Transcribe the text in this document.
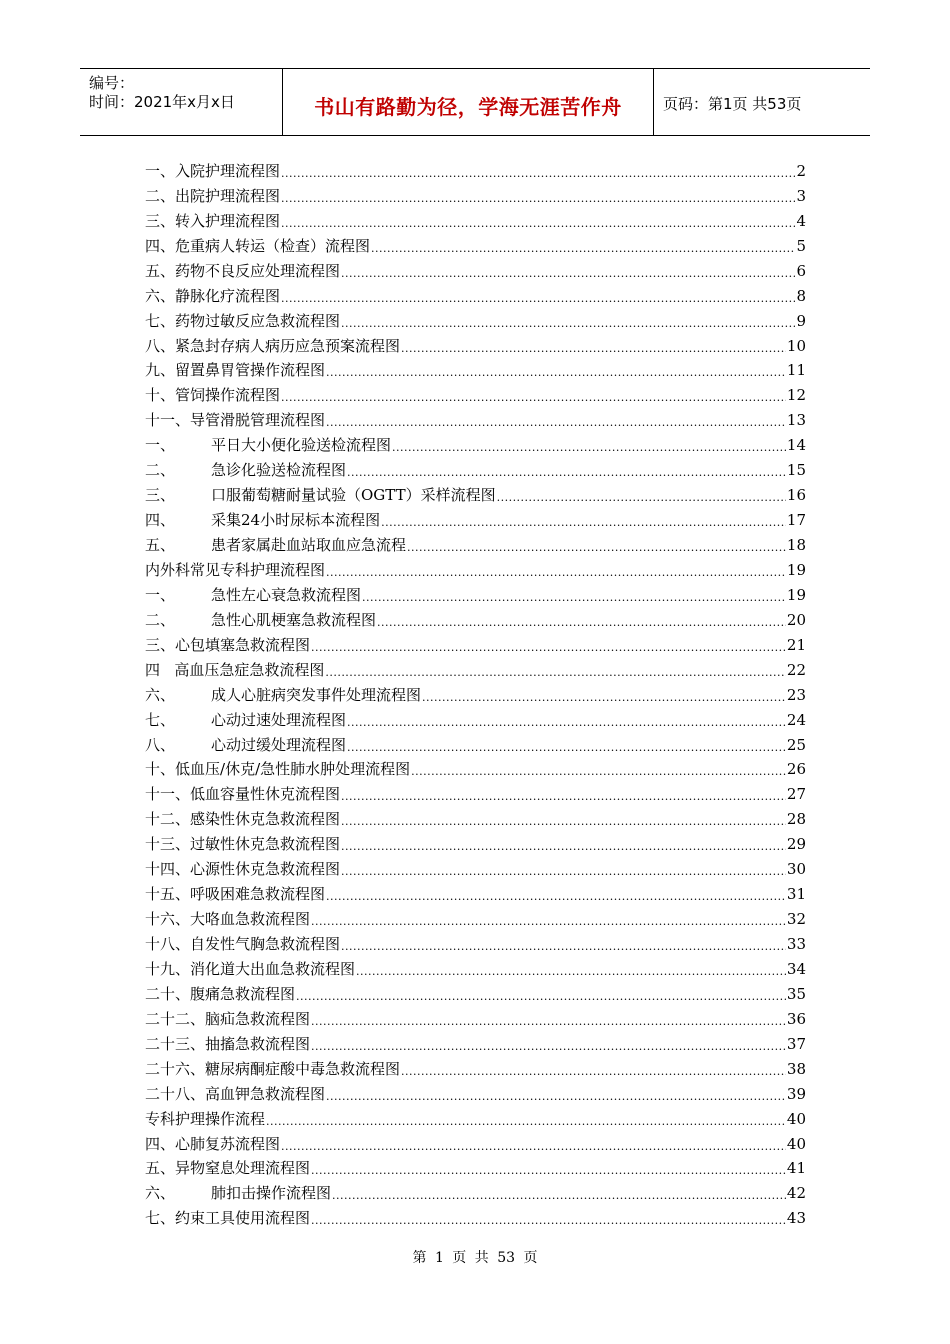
编号：
时间：2021年x月x日	书山有路勤为径，学海无涯苦作舟	页码：第1页 共53页
一、 入院护理流程图 .....	2
二、 出院护理流程图 .....	3
三、 转入护理流程图 .....	4
四、 危重病人转运（检查）流程图 .....	5
五、 药物不良反应处理流程图 .....	6
六、 静脉化疗流程图 .....	8
七、 药物过敏反应急救流程图 .....	9
八、 紧急封存病人病历应急预案流程图 .....	10
九、 留置鼻胃管操作流程图 .....	11
十、 管饲操作流程图 .....	12
十一、 导管滑脱管理流程图 .....	13
一、	平日大小便化验送检流程图 .....	14
二、	急诊化验送检流程图 .....	15
三、	口服葡萄糖耐量试验（OGTT）采样流程图 .....	16
四、	采集24小时尿标本流程图 .....	17
五、	患者家属赴血站取血应急流程 .....	18
内外科常见专科护理流程图 .....	19
一、	急性左心衰急救流程图 .....	19
二、	急性心肌梗塞急救流程图 .....	20
三、 心包填塞急救流程图 .....	21
四 高血压急症急救流程图 .....	22
六、	成人心脏病突发事件处理流程图 .....	23
七、	心动过速处理流程图 .....	24
八、	心动过缓处理流程图 .....	25
十、 低血压/休克/急性肺水肿处理流程图 .....	26
十一、 低血容量性休克流程图 .....	27
十二、 感染性休克急救流程图 .....	28
十三、 过敏性休克急救流程图 .....	29
十四、 心源性休克急救流程图 .....	30
十五、 呼吸困难急救流程图 .....	31
十六、 大咯血急救流程图 .....	32
十八、 自发性气胸急救流程图 .....	33
十九、 消化道大出血急救流程图 .....	34
二十、 腹痛急救流程图 .....	35
二十二、 脑疝急救流程图 .....	36
二十三、 抽搐急救流程图 .....	37
二十六、 糖尿病酮症酸中毒急救流程图 .....	38
二十八、 高血钾急救流程图 .....	39
专科护理操作流程 .....	40
四、 心肺复苏流程图 .....	40
五、 异物窒息处理流程图 .....	41
六、	肺扣击操作流程图 .....	42
七、 约束工具使用流程图 .....	43
第 1 页 共 53 页
